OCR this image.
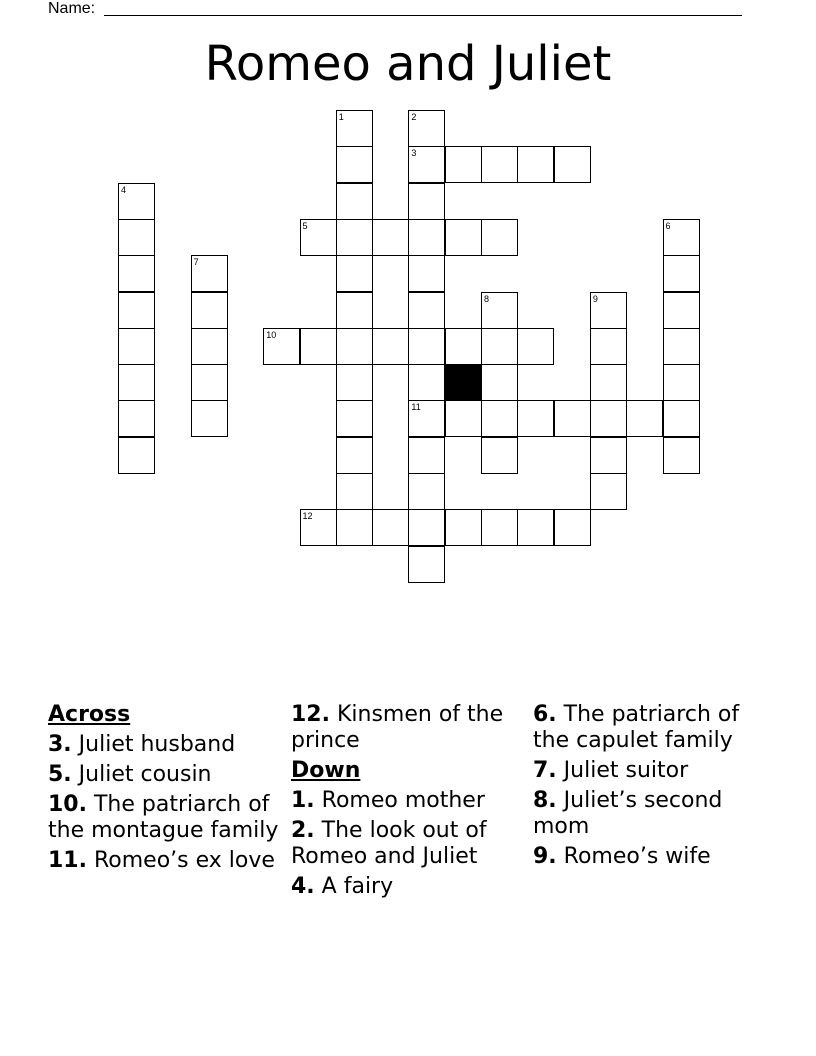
Name:
Romeo and Juliet
1	2
3
4
5	6
7
8	9
10
11
12
Across
3. Juliet husband
5. Juliet cousin
10. The patriarch of the montague family
11. Romeo’s ex love
12. Kinsmen of the prince
Down
1. Romeo mother
2. The look out of Romeo and Juliet
4. A fairy
6. The patriarch of the capulet family
7. Juliet suitor
8. Juliet’s second mom
9. Romeo’s wife
